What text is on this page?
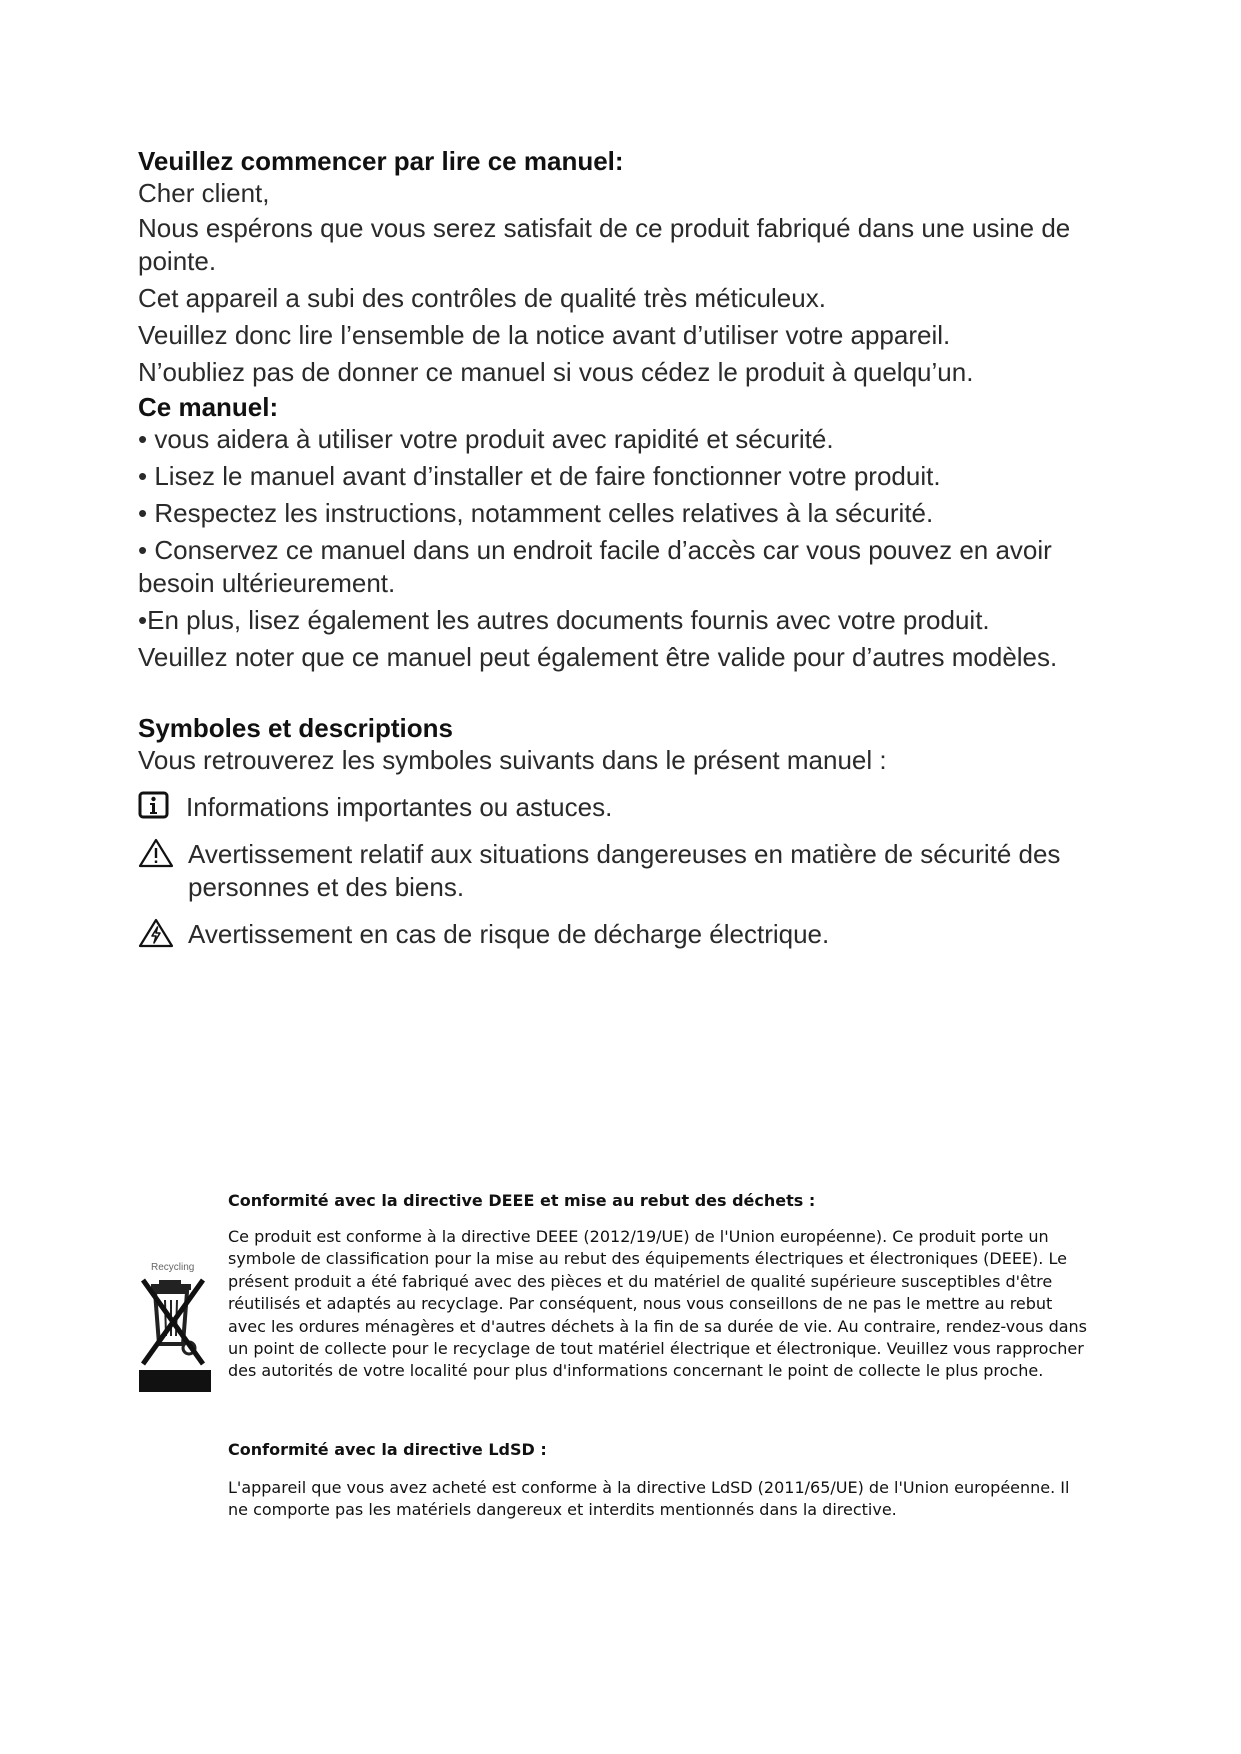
Veuillez commencer par lire ce manuel:

Cher client,

Nous espérons que vous serez satisfait de ce produit fabriqué dans une usine de pointe.

Cet appareil a subi des contrôles de qualité très méticuleux.

Veuillez donc lire l’ensemble de la notice avant d’utiliser votre appareil.

N’oubliez pas de donner ce manuel si vous cédez le produit à quelqu’un.

Ce manuel:

• vous aidera à utiliser votre produit avec rapidité et sécurité.

• Lisez le manuel avant d’installer et de faire fonctionner votre produit.

• Respectez les instructions, notamment celles relatives à la sécurité.

• Conservez ce manuel dans un endroit facile d’accès car vous pouvez en avoir besoin ultérieurement.

•En plus, lisez également les autres documents fournis avec votre produit.

Veuillez noter que ce manuel peut également être valide pour d’autres modèles.

Symboles et descriptions

Vous retrouverez les symboles suivants dans le présent manuel :

Informations importantes ou astuces.
Avertissement relatif aux situations dangereuses en matière de sécurité des personnes et des biens.
Avertissement en cas de risque de décharge électrique.
Recycling

Conformité avec la directive DEEE et mise au rebut des déchets :

Ce produit est conforme à la directive DEEE (2012/19/UE) de l'Union européenne). Ce produit porte un symbole de classification pour la mise au rebut des équipements électriques et électroniques (DEEE). Le présent produit a été fabriqué avec des pièces et du matériel de qualité supérieure susceptibles d'être réutilisés et adaptés au recyclage. Par conséquent, nous vous conseillons de ne pas le mettre au rebut avec les ordures ménagères et d'autres déchets à la fin de sa durée de vie. Au contraire, rendez-vous dans un point de collecte pour le recyclage de tout matériel électrique et électronique. Veuillez vous rapprocher des autorités de votre localité pour plus d'informations concernant le point de collecte le plus proche.

Conformité avec la directive LdSD :

L'appareil que vous avez acheté est conforme à la directive LdSD (2011/65/UE) de l'Union européenne. Il ne comporte pas les matériels dangereux et interdits mentionnés dans la directive.
